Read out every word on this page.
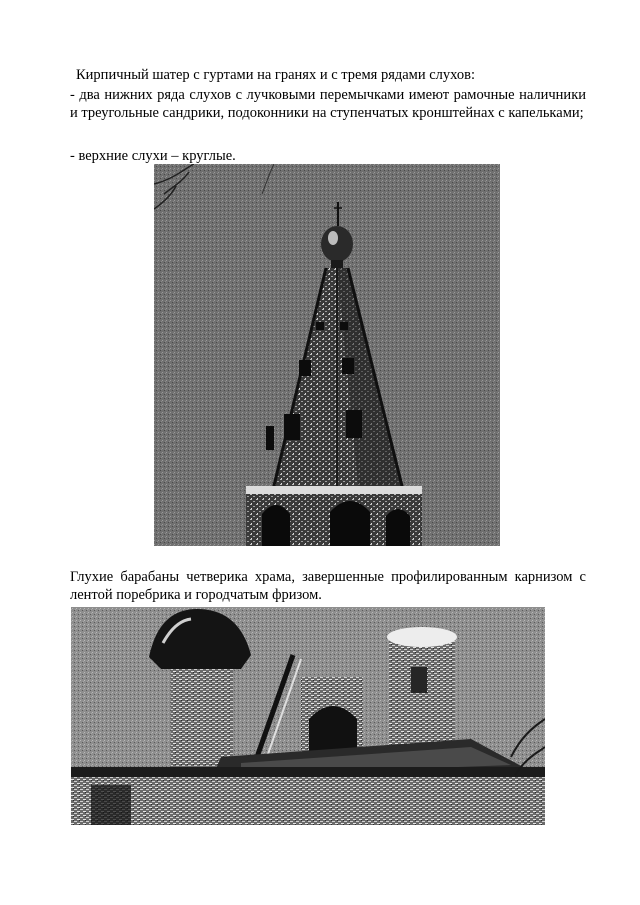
Кирпичный шатер с гуртами на гранях и с тремя рядами слухов:
- два нижних ряда слухов с лучковыми перемычками имеют рамочные наличники и треугольные сандрики, подоконники на ступенчатых кронштейнах с капельками;
- верхние слухи – круглые.
Глухие барабаны четверика храма, завершенные профилированным карнизом с лентой поребрика и городчатым фризом.
